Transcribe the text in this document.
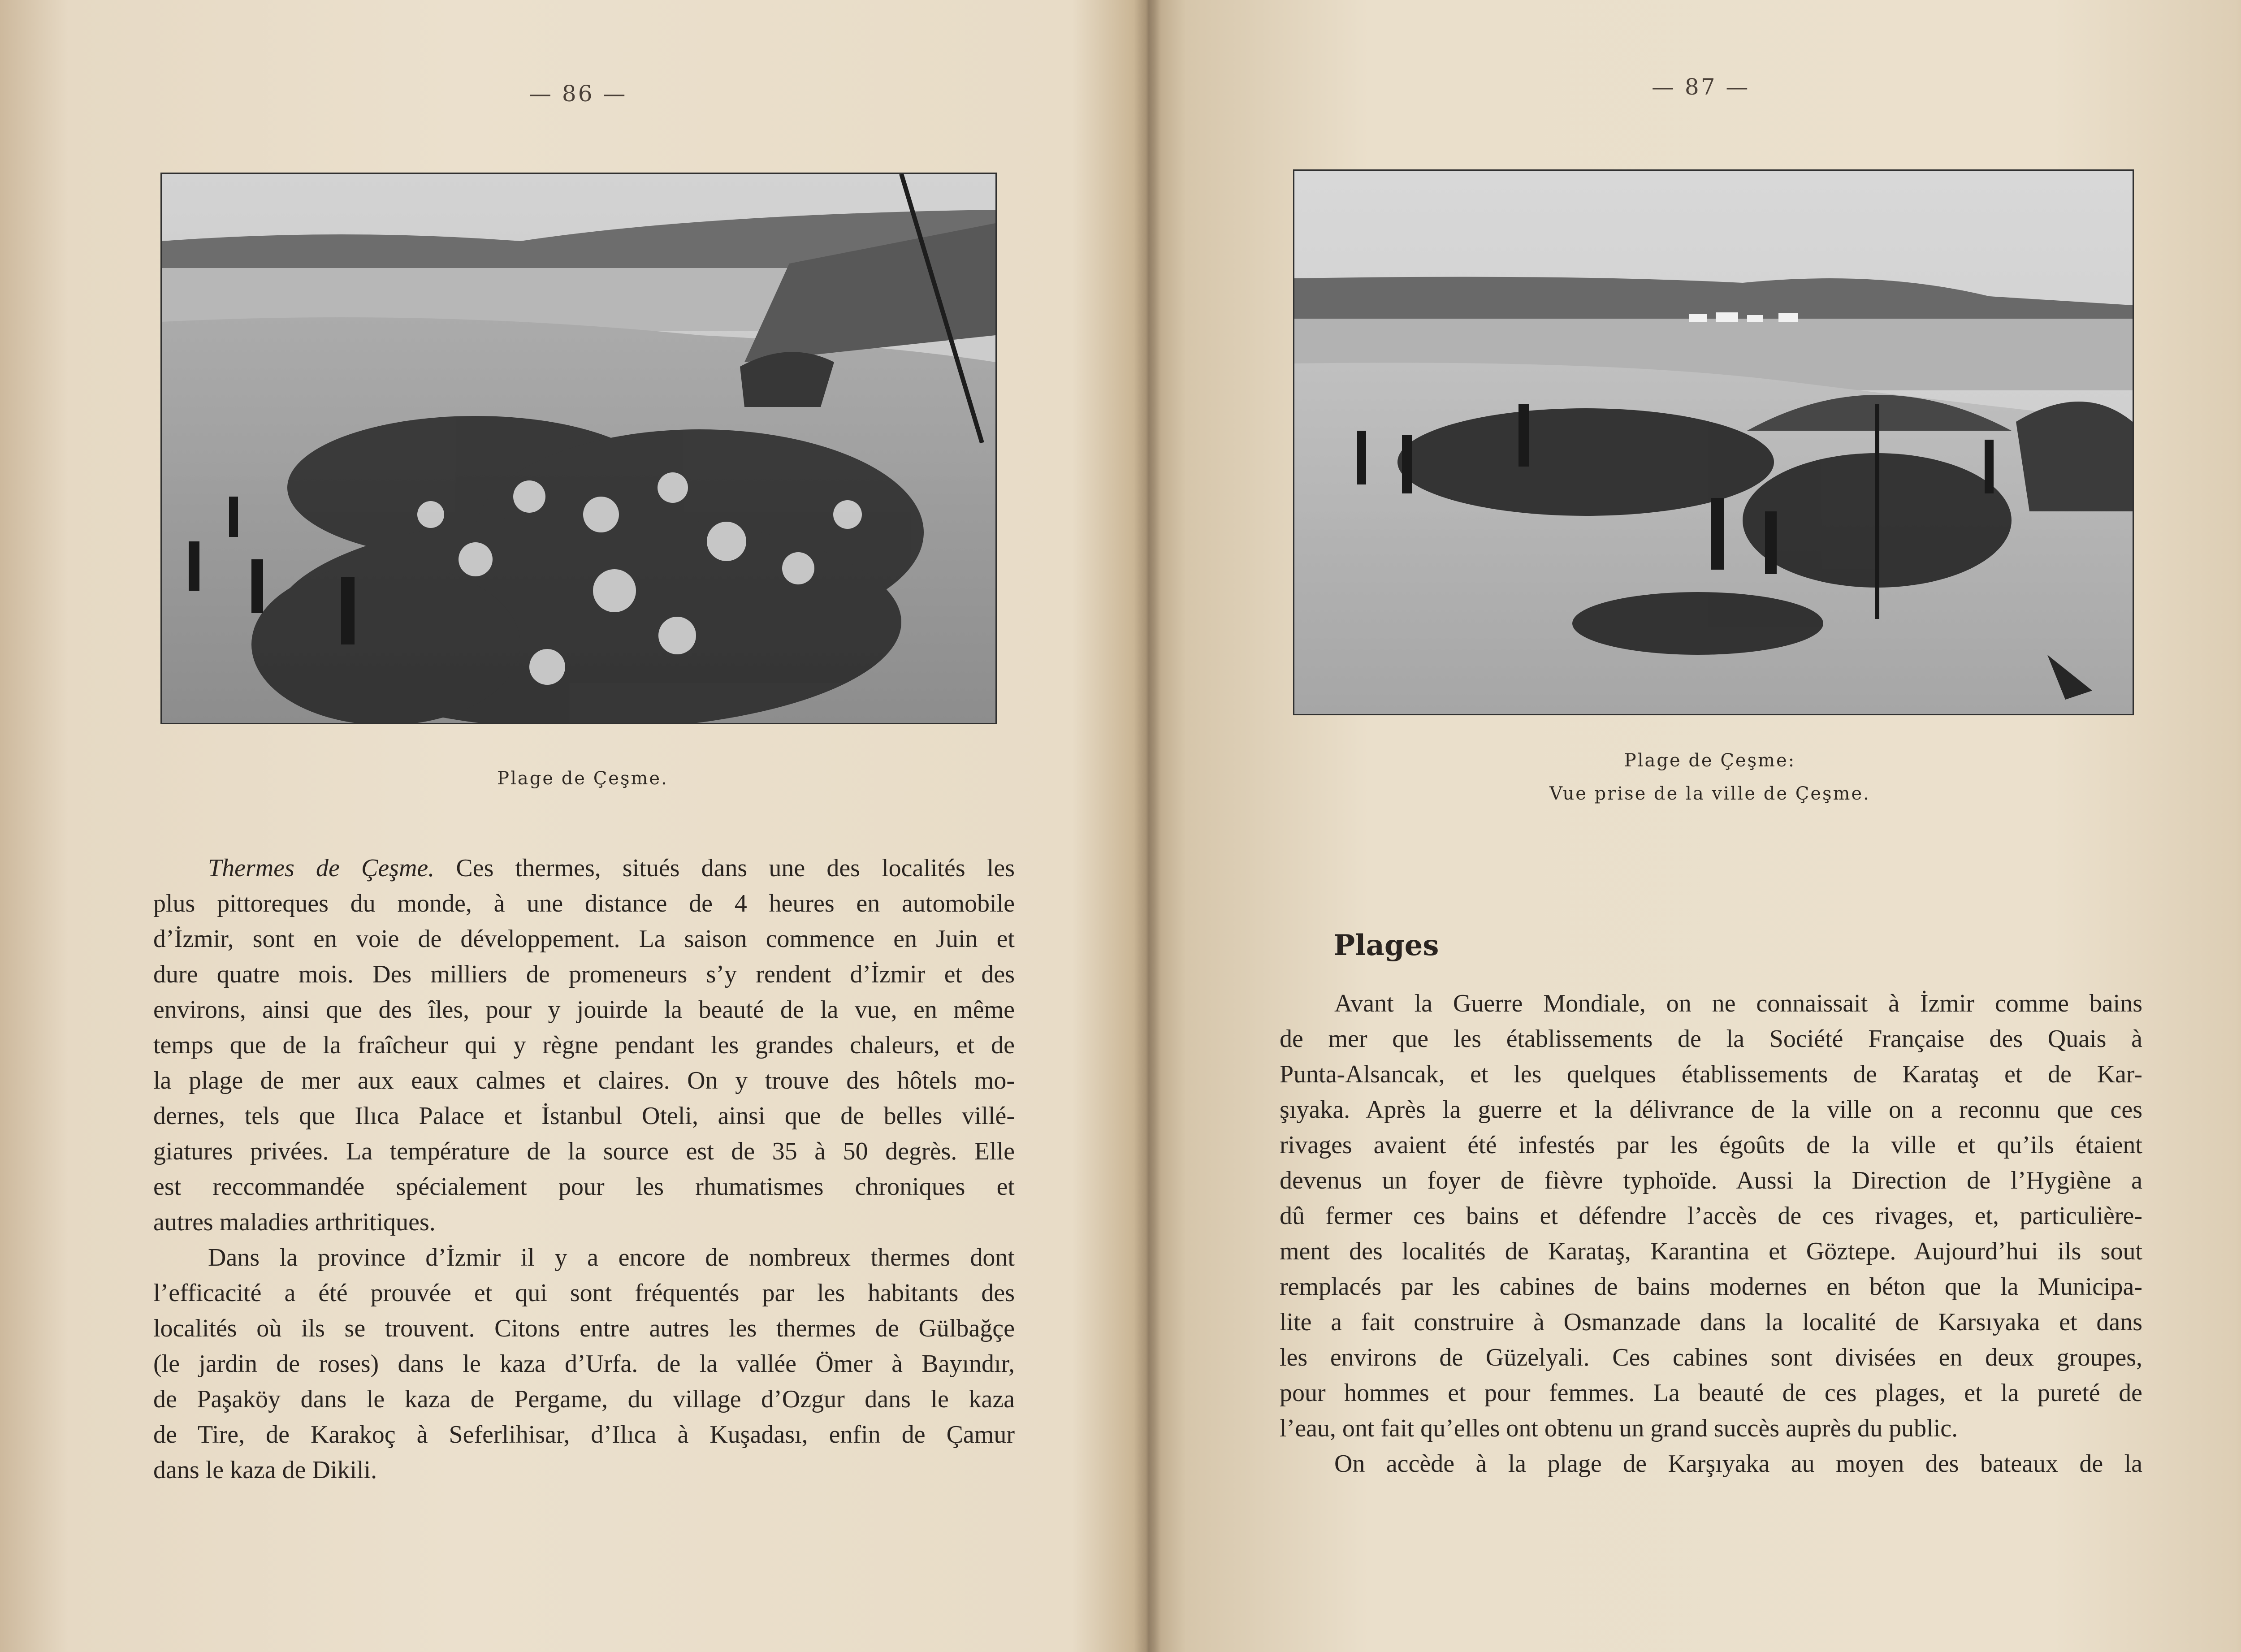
— 86 —
Plage de Çeşme.
Thermes de Çeşme. Ces thermes, situés dans une des localités les
plus pittoreques du monde, à une distance de 4 heures en automobile
d’İzmir, sont en voie de développement. La saison commence en Juin et
dure quatre mois. Des milliers de promeneurs s’y rendent d’İzmir et des
environs, ainsi que des îles, pour y jouirde la beauté de la vue, en même
temps que de la fraîcheur qui y règne pendant les grandes chaleurs, et de
la plage de mer aux eaux calmes et claires. On y trouve des hôtels mo-
dernes, tels que Ilıca Palace et İstanbul Oteli, ainsi que de belles villé-
giatures privées. La température de la source est de 35 à 50 degrès. Elle
est reccommandée spécialement pour les rhumatismes chroniques et
autres maladies arthritiques.
Dans la province d’İzmir il y a encore de nombreux thermes dont
l’efficacité a été prouvée et qui sont fréquentés par les habitants des
localités où ils se trouvent. Citons entre autres les thermes de Gülbağçe
(le jardin de roses) dans le kaza d’Urfa. de la vallée Ömer à Bayındır,
de Paşaköy dans le kaza de Pergame, du village d’Ozgur dans le kaza
de Tire, de Karakoç à Seferlihisar, d’Ilıca à Kuşadası, enfin de Çamur
dans le kaza de Dikili.
— 87 —
Plage de Çeşme:
Vue prise de la ville de Çeşme.
Plages
Avant la Guerre Mondiale, on ne connaissait à İzmir comme bains
de mer que les établissements de la Société Française des Quais à
Punta-Alsancak, et les quelques établissements de Karataş et de Kar-
şıyaka. Après la guerre et la délivrance de la ville on a reconnu que ces
rivages avaient été infestés par les égoûts de la ville et qu’ils étaient
devenus un foyer de fièvre typhoïde. Aussi la Direction de l’Hygiène a
dû fermer ces bains et défendre l’accès de ces rivages, et, particulière-
ment des localités de Karataş, Karantina et Göztepe. Aujourd’hui ils sout
remplacés par les cabines de bains modernes en béton que la Municipa-
lite a fait construire à Osmanzade dans la localité de Karsıyaka et dans
les environs de Güzelyali. Ces cabines sont divisées en deux groupes,
pour hommes et pour femmes. La beauté de ces plages, et la pureté de
l’eau, ont fait qu’elles ont obtenu un grand succès auprès du public.
On accède à la plage de Karşıyaka au moyen des bateaux de la
